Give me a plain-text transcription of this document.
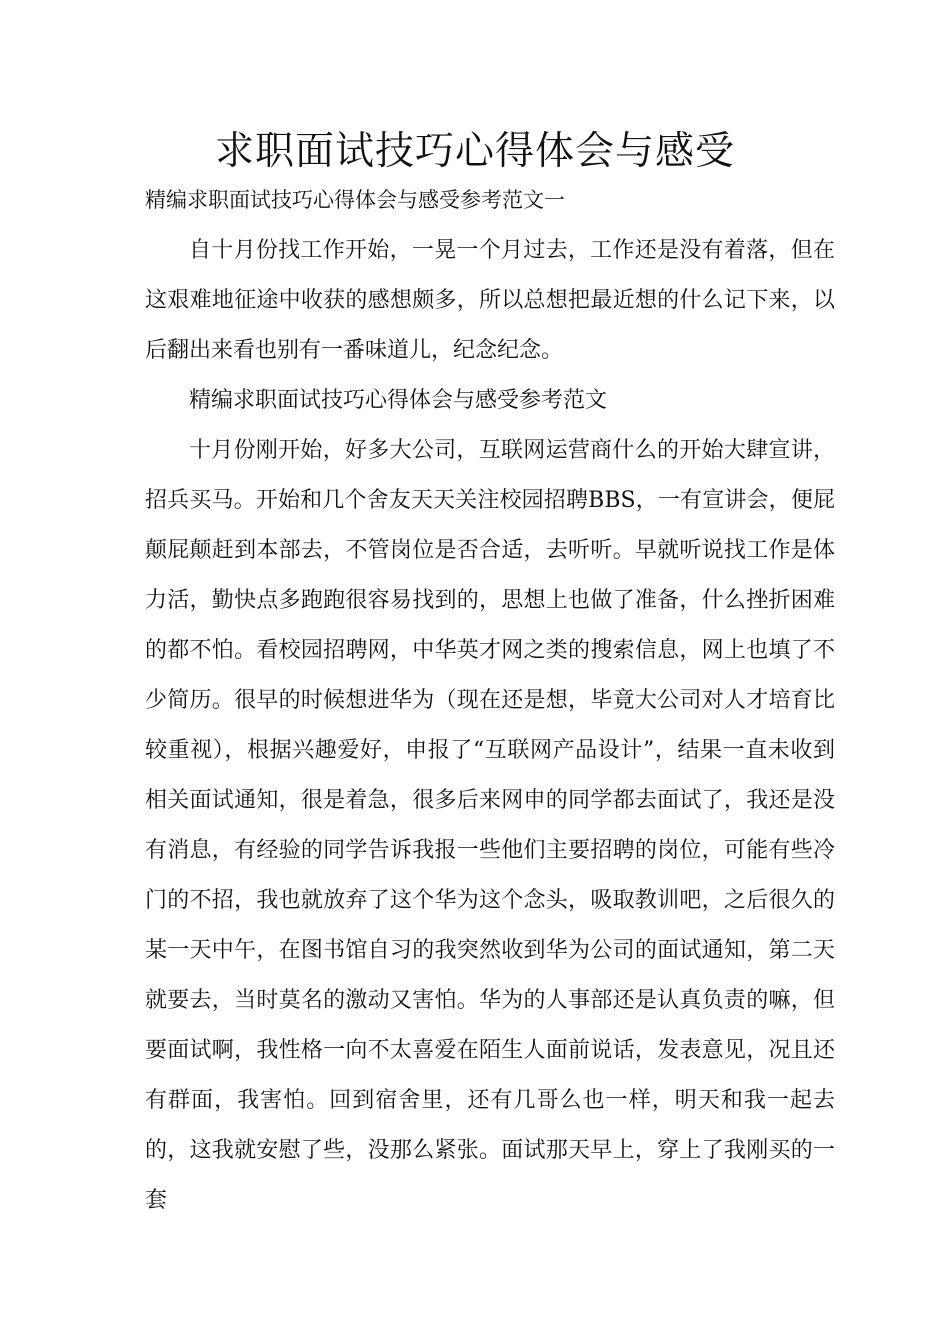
求职面试技巧心得体会与感受

精编求职面试技巧心得体会与感受参考范文一

自十月份找工作开始，一晃一个月过去，工作还是没有着落，但在这艰难地征途中收获的感想颇多，所以总想把最近想的什么记下来，以后翻出来看也别有一番味道儿，纪念纪念。

精编求职面试技巧心得体会与感受参考范文

十月份刚开始，好多大公司，互联网运营商什么的开始大肆宣讲，招兵买马。开始和几个舍友天天关注校园招聘BBS，一有宣讲会，便屁颠屁颠赶到本部去，不管岗位是否合适，去听听。早就听说找工作是体力活，勤快点多跑跑很容易找到的，思想上也做了准备，什么挫折困难的都不怕。看校园招聘网，中华英才网之类的搜索信息，网上也填了不少简历。很早的时候想进华为（现在还是想，毕竟大公司对人才培育比较重视），根据兴趣爱好，申报了“互联网产品设计”，结果一直未收到相关面试通知，很是着急，很多后来网申的同学都去面试了，我还是没有消息，有经验的同学告诉我报一些他们主要招聘的岗位，可能有些冷门的不招，我也就放弃了这个华为这个念头，吸取教训吧，之后很久的某一天中午，在图书馆自习的我突然收到华为公司的面试通知，第二天就要去，当时莫名的激动又害怕。华为的人事部还是认真负责的嘛，但要面试啊，我性格一向不太喜爱在陌生人面前说话，发表意见，况且还有群面，我害怕。回到宿舍里，还有几哥么也一样，明天和我一起去的，这我就安慰了些，没那么紧张。面试那天早上，穿上了我刚买的一套
